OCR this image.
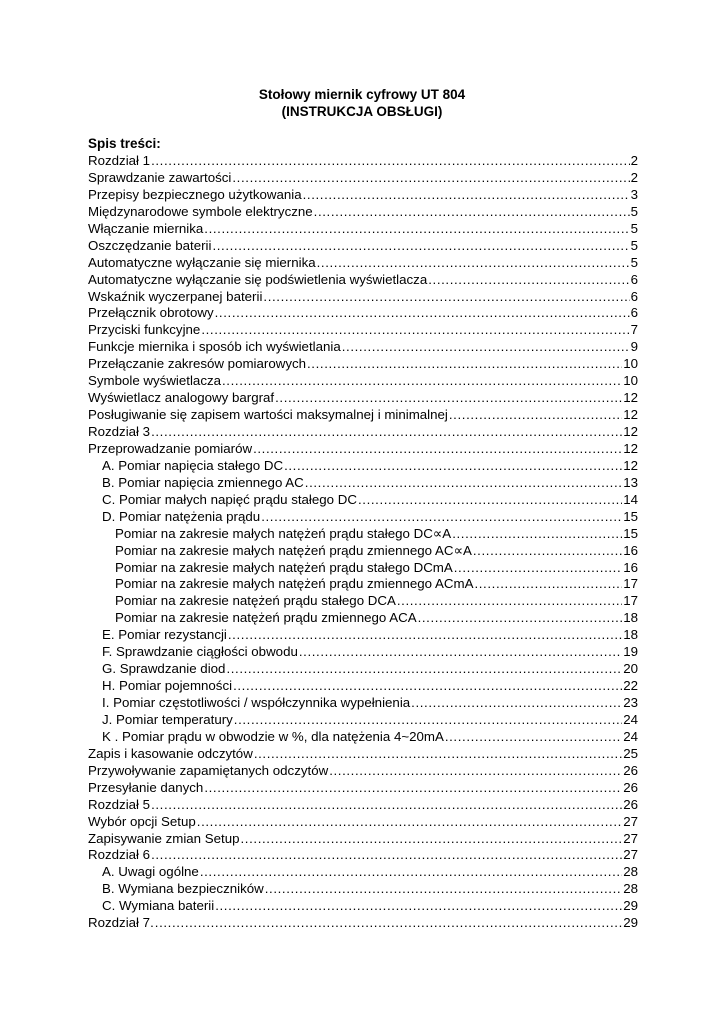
Stołowy miernik cyfrowy UT 804
(INSTRUKCJA OBSŁUGI)
Spis treści:
Rozdział 1 .....	2
Sprawdzanie zawartości .....	2
Przepisy bezpiecznego użytkowania .....	3
Międzynarodowe symbole elektryczne .....	5
Włączanie miernika .....	5
Oszczędzanie baterii .....	5
Automatyczne wyłączanie się miernika .....	5
Automatyczne wyłączanie się podświetlenia wyświetlacza .....	6
Wskaźnik wyczerpanej baterii .....	6
Przełącznik obrotowy .....	6
Przyciski funkcyjne .....	7
Funkcje miernika i sposób ich wyświetlania .....	9
Przełączanie zakresów pomiarowych .....	10
Symbole wyświetlacza .....	10
Wyświetlacz analogowy bargraf .....	12
Posługiwanie się zapisem wartości maksymalnej i minimalnej .....	12
Rozdział 3 .....	12
Przeprowadzanie pomiarów .....	12
A. Pomiar napięcia stałego DC .....	12
B. Pomiar napięcia zmiennego AC .....	13
C. Pomiar małych napięć prądu stałego DC .....	14
D. Pomiar natężenia prądu .....	15
Pomiar na zakresie małych natężeń prądu stałego DC∝A .....	15
Pomiar na zakresie małych natężeń prądu zmiennego AC∝A .....	16
Pomiar na zakresie małych natężeń prądu stałego DCmA .....	16
Pomiar na zakresie małych natężeń prądu zmiennego ACmA .....	17
Pomiar na zakresie natężeń prądu stałego DCA .....	17
Pomiar na zakresie natężeń prądu zmiennego ACA .....	18
E. Pomiar rezystancji .....	18
F. Sprawdzanie ciągłości obwodu .....	19
G. Sprawdzanie diod .....	20
H. Pomiar pojemności .....	22
I. Pomiar częstotliwości / współczynnika wypełnienia .....	23
J. Pomiar temperatury .....	24
K . Pomiar prądu w obwodzie w %, dla natężenia 4~20mA .....	24
Zapis i kasowanie odczytów .....	25
Przywoływanie zapamiętanych odczytów .....	26
Przesyłanie danych .....	26
Rozdział 5 .....	26
Wybór opcji Setup .....	27
Zapisywanie zmian Setup .....	27
Rozdział 6 .....	27
A. Uwagi ogólne .....	28
B. Wymiana bezpieczników .....	28
C. Wymiana baterii .....	29
Rozdział 7. .....	29
